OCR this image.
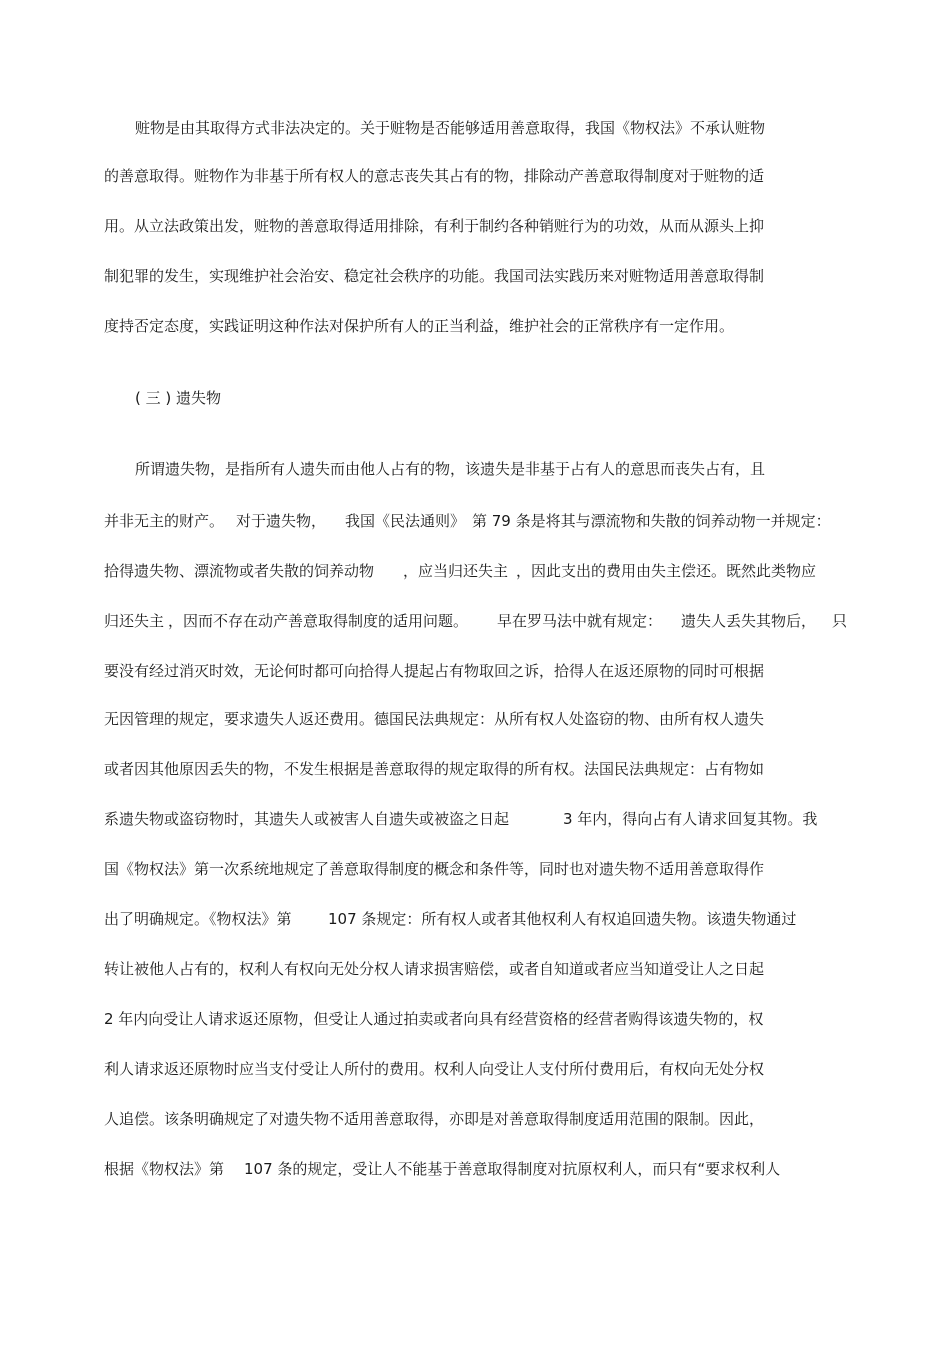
赃物是由其取得方式非法决定的。关于赃物是否能够适用善意取得，我国《物权法》不承认赃物
的善意取得。赃物作为非基于所有权人的意志丧失其占有的物，排除动产善意取得制度对于赃物的适
用。从立法政策出发，赃物的善意取得适用排除，有利于制约各种销赃行为的功效，从而从源头上抑
制犯罪的发生，实现维护社会治安、稳定社会秩序的功能。我国司法实践历来对赃物适用善意取得制
度持否定态度，实践证明这种作法对保护所有人的正当利益，维护社会的正常秩序有一定作用。
( 三 ) 遗失物
所谓遗失物，是指所有人遗失而由他人占有的物，该遗失是非基于占有人的意思而丧失占有，且
并非无主的财产。 对于遗失物， 我国《民法通则》 第 79 条是将其与漂流物和失散的饲养动物一并规定：
拾得遗失物、漂流物或者失散的饲养动物 ，应当归还失主 ，因此支出的费用由失主偿还。既然此类物应
归还失主 ，因而不存在动产善意取得制度的适用问题。 早在罗马法中就有规定： 遗失人丢失其物后， 只
要没有经过消灭时效，无论何时都可向拾得人提起占有物取回之诉，拾得人在返还原物的同时可根据
无因管理的规定，要求遗失人返还费用。德国民法典规定：从所有权人处盗窃的物、由所有权人遗失
或者因其他原因丢失的物，不发生根据是善意取得的规定取得的所有权。法国民法典规定：占有物如
系遗失物或盗窃物时，其遗失人或被害人自遗失或被盗之日起	3 年内，得向占有人请求回复其物。我
国《物权法》第一次系统地规定了善意取得制度的概念和条件等，同时也对遗失物不适用善意取得作
出了明确规定。《物权法》第 107 条规定：所有权人或者其他权利人有权追回遗失物。该遗失物通过
转让被他人占有的，权利人有权向无处分权人请求损害赔偿，或者自知道或者应当知道受让人之日起
2 年内向受让人请求返还原物，但受让人通过拍卖或者向具有经营资格的经营者购得该遗失物的，权
利人请求返还原物时应当支付受让人所付的费用。权利人向受让人支付所付费用后，有权向无处分权
人追偿。该条明确规定了对遗失物不适用善意取得，亦即是对善意取得制度适用范围的限制。因此，
根据《物权法》第 107 条的规定，受让人不能基于善意取得制度对抗原权利人，而只有“要求权利人
